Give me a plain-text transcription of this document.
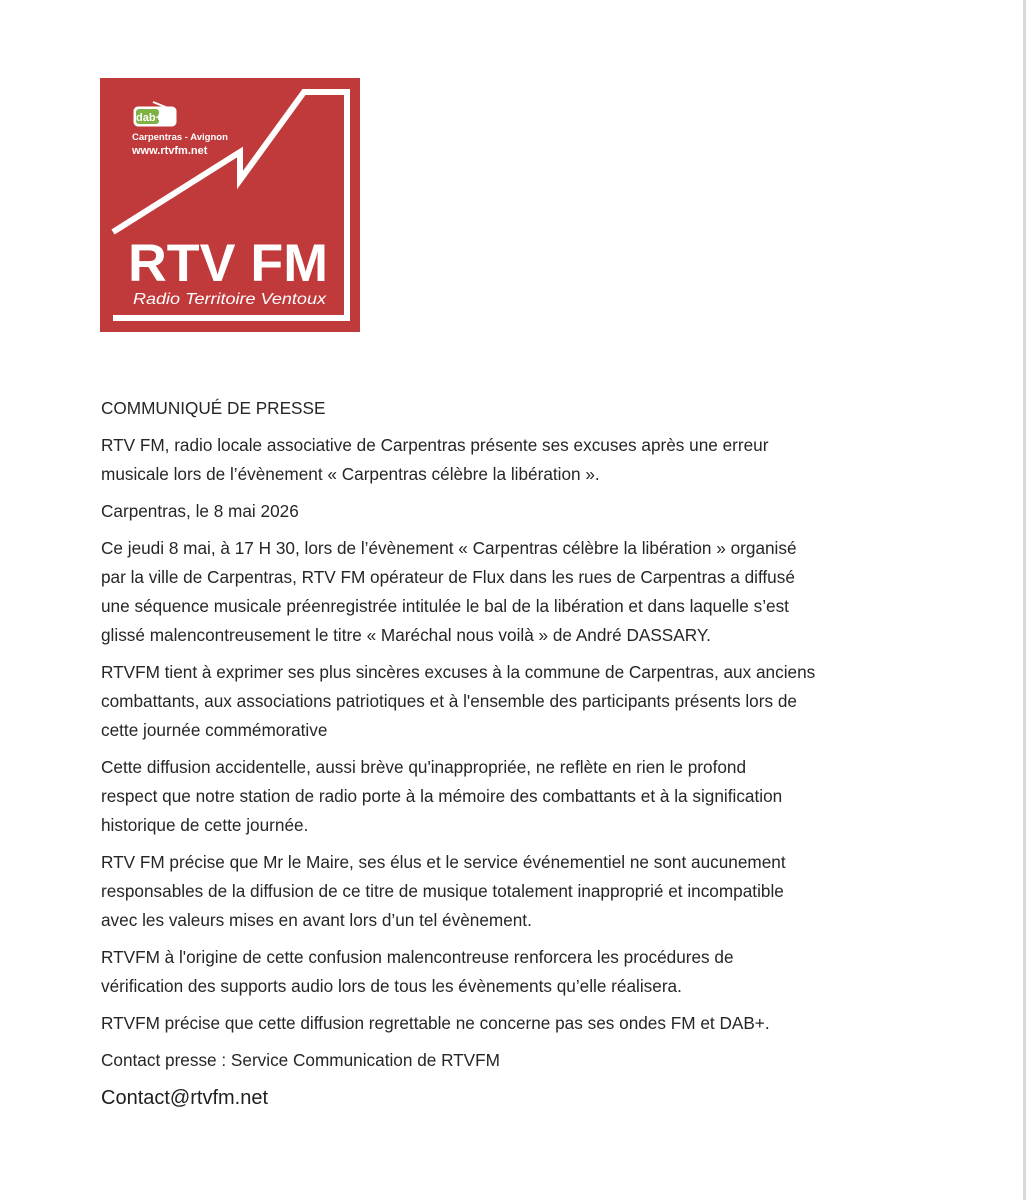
dab+
Carpentras - Avignon
www.rtvfm.net
RTV FM
Radio Territoire Ventoux

COMMUNIQUÉ DE PRESSE

RTV FM, radio locale associative de Carpentras présente ses excuses après une erreur
musicale lors de l’évènement « Carpentras célèbre la libération ».

Carpentras, le 8 mai 2026

Ce jeudi 8 mai, à 17 H 30, lors de l’évènement « Carpentras célèbre la libération » organisé
par la ville de Carpentras, RTV FM opérateur de Flux dans les rues de Carpentras a diffusé
une séquence musicale préenregistrée intitulée le bal de la libération et dans laquelle s’est
glissé malencontreusement le titre « Maréchal nous voilà » de André DASSARY.

RTVFM tient à exprimer ses plus sincères excuses à la commune de Carpentras, aux anciens
combattants, aux associations patriotiques et à l'ensemble des participants présents lors de
cette journée commémorative

Cette diffusion accidentelle, aussi brève qu'inappropriée, ne reflète en rien le profond
respect que notre station de radio porte à la mémoire des combattants et à la signification
historique de cette journée.

RTV FM précise que Mr le Maire, ses élus et le service événementiel ne sont aucunement
responsables de la diffusion de ce titre de musique totalement inapproprié et incompatible
avec les valeurs mises en avant lors d’un tel évènement.

RTVFM à l'origine de cette confusion malencontreuse renforcera les procédures de
vérification des supports audio lors de tous les évènements qu’elle réalisera.

RTVFM précise que cette diffusion regrettable ne concerne pas ses ondes FM et DAB+.

Contact presse : Service Communication de RTVFM

Contact@rtvfm.net
